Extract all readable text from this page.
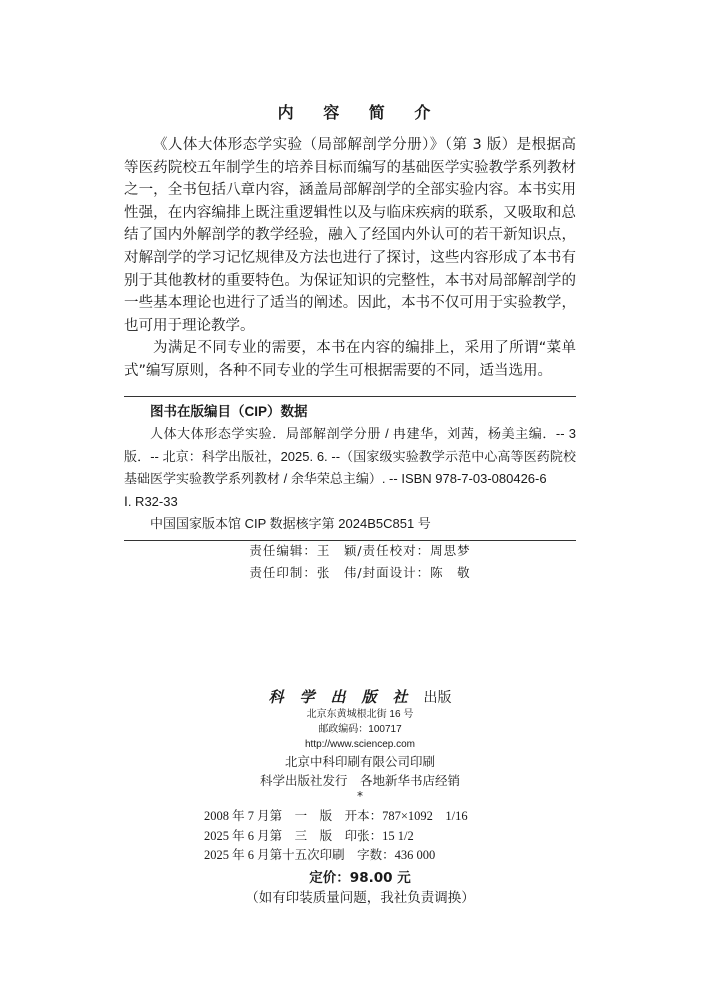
内 容 简 介

《人体大体形态学实验（局部解剖学分册）》（第 3 版）是根据高等医药院校五年制学生的培养目标而编写的基础医学实验教学系列教材之一，全书包括八章内容，涵盖局部解剖学的全部实验内容。本书实用性强，在内容编排上既注重逻辑性以及与临床疾病的联系，又吸取和总结了国内外解剖学的教学经验，融入了经国内外认可的若干新知识点，对解剖学的学习记忆规律及方法也进行了探讨，这些内容形成了本书有别于其他教材的重要特色。为保证知识的完整性，本书对局部解剖学的一些基本理论也进行了适当的阐述。因此，本书不仅可用于实验教学，也可用于理论教学。

为满足不同专业的需要，本书在内容的编排上，采用了所谓“菜单式”编写原则，各种不同专业的学生可根据需要的不同，适当选用。

图书在版编目（CIP）数据
人体大体形态学实验．局部解剖学分册 / 冉建华，刘茜，杨美主编．-- 3 版．-- 北京：科学出版社，2025. 6. --（国家级实验教学示范中心高等医药院校基础医学实验教学系列教材 / 余华荣总主编）. -- ISBN 978-7-03-080426-6
Ⅰ. R32-33
中国国家版本馆 CIP 数据核字第 2024B5C851 号
责任编辑：王　颖/责任校对：周思梦
责任印制：张　伟/封面设计：陈　敬
科学出版社出版
北京东黄城根北街 16 号
邮政编码：100717
http://www.sciencep.com
北京中科印刷有限公司印刷
科学出版社发行　各地新华书店经销
*
2008 年 7 月第　一　版　开本：787×1092　1/16
2025 年 6 月第　三　版　印张：15 1/2
2025 年 6 月第十五次印刷　字数：436 000
定价：98.00 元
（如有印装质量问题，我社负责调换）
